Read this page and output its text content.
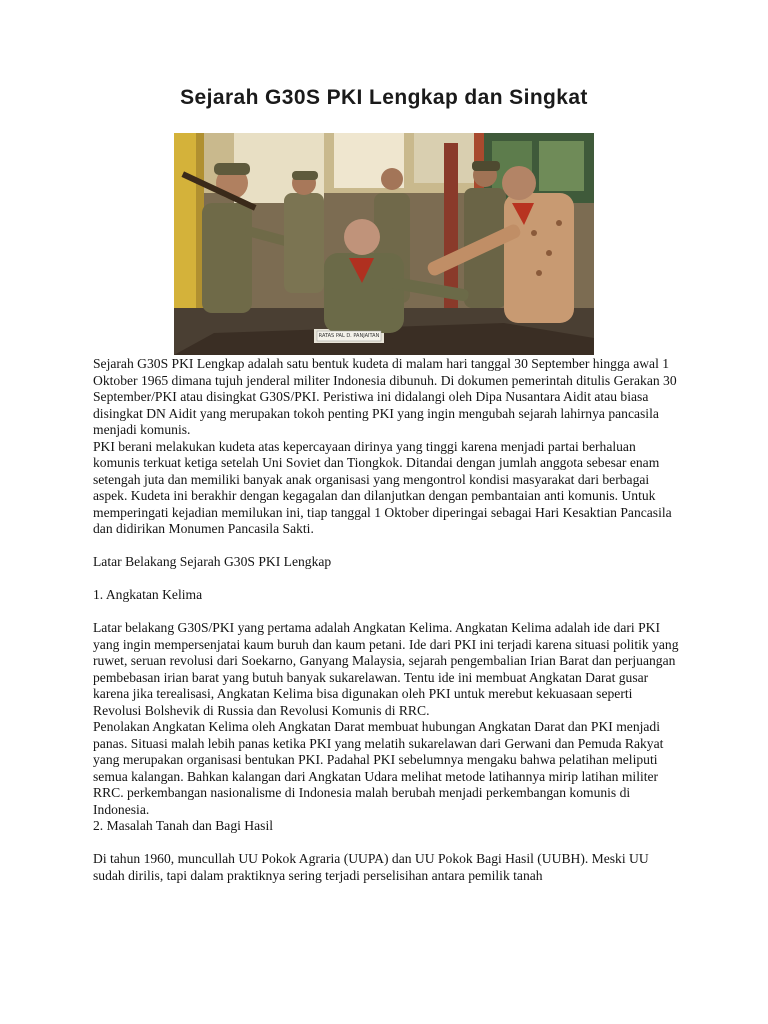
Sejarah G30S PKI Lengkap dan Singkat
RATAS PAL D. PANJAITAN

Sejarah G30S PKI Lengkap adalah satu bentuk kudeta di malam hari tanggal 30 September hingga awal 1 Oktober 1965 dimana tujuh jenderal militer Indonesia dibunuh. Di dokumen pemerintah ditulis Gerakan 30 September/PKI atau disingkat G30S/PKI. Peristiwa ini didalangi oleh Dipa Nusantara Aidit atau biasa disingkat DN Aidit yang merupakan tokoh penting PKI yang ingin mengubah sejarah lahirnya pancasila menjadi komunis.

PKI berani melakukan kudeta atas kepercayaan dirinya yang tinggi karena menjadi partai berhaluan komunis terkuat ketiga setelah Uni Soviet dan Tiongkok. Ditandai dengan jumlah anggota sebesar enam setengah juta dan memiliki banyak anak organisasi yang mengontrol kondisi masyarakat dari berbagai aspek. Kudeta ini berakhir dengan kegagalan dan dilanjutkan dengan pembantaian anti komunis. Untuk memperingati kejadian memilukan ini, tiap tanggal 1 Oktober diperingai sebagai Hari Kesaktian Pancasila dan didirikan Monumen Pancasila Sakti.

Latar Belakang Sejarah G30S PKI Lengkap

1. Angkatan Kelima

Latar belakang G30S/PKI yang pertama adalah Angkatan Kelima. Angkatan Kelima adalah ide dari PKI yang ingin mempersenjatai kaum buruh dan kaum petani. Ide dari PKI ini terjadi karena situasi politik yang ruwet, seruan revolusi dari Soekarno, Ganyang Malaysia, sejarah pengembalian Irian Barat dan perjuangan pembebasan irian barat yang butuh banyak sukarelawan. Tentu ide ini membuat Angkatan Darat gusar karena jika terealisasi, Angkatan Kelima bisa digunakan oleh PKI untuk merebut kekuasaan seperti Revolusi Bolshevik di Russia dan Revolusi Komunis di RRC.

Penolakan Angkatan Kelima oleh Angkatan Darat membuat hubungan Angkatan Darat dan PKI menjadi panas. Situasi malah lebih panas ketika PKI yang melatih sukarelawan dari Gerwani dan Pemuda Rakyat yang merupakan organisasi bentukan PKI. Padahal PKI sebelumnya mengaku bahwa pelatihan meliputi semua kalangan. Bahkan kalangan dari Angkatan Udara melihat metode latihannya mirip latihan militer RRC. perkembangan nasionalisme di Indonesia malah berubah menjadi perkembangan komunis di Indonesia.

2. Masalah Tanah dan Bagi Hasil

Di tahun 1960, muncullah UU Pokok Agraria (UUPA) dan UU Pokok Bagi Hasil (UUBH). Meski UU sudah dirilis, tapi dalam praktiknya sering terjadi perselisihan antara pemilik tanah
